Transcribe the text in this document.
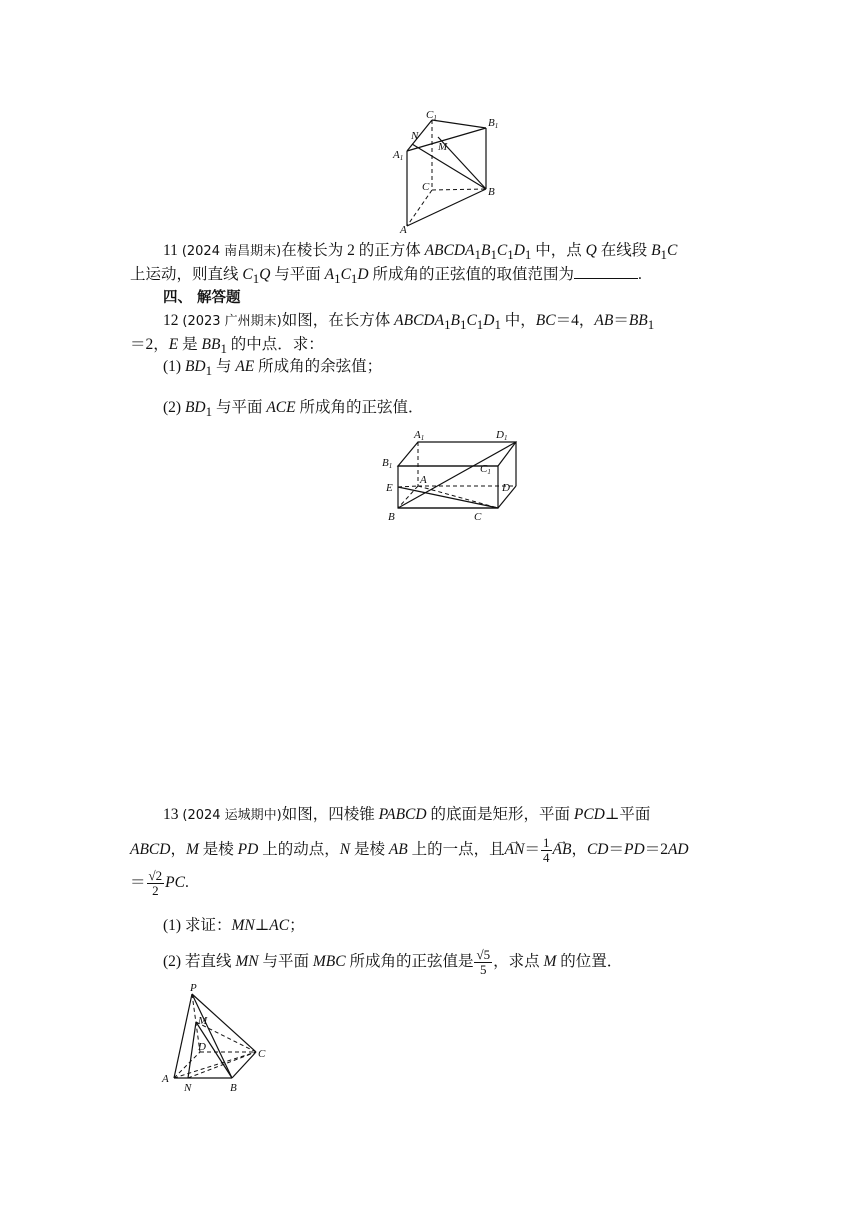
C1	B1
N
A1
M
C	B
A
11 (2024 南昌期末)在棱长为 2 的正方体 $ABCDA_1B_1C_1D_1$ 中，点 Q 在线段 $B_1C$
上运动，则直线 $C_1Q$ 与平面 $A_1C_1D$ 所成角的正弦值的取值范围为	.
四、 解答题
12 (2023 广州期末)如图，在长方体 $ABCDA_1B_1C_1D_1$ 中，BC＝4，$AB=BB_1$
＝2，E 是 $BB_1$ 的中点．求：
(1) $BD_1$ 与 AE 所成角的余弦值；
(2) $BD_1$ 与平面 ACE 所成角的正弦值．
A1	D1
B1	C1
E
A
D
B	C
13 (2024 运城期中)如图，四棱锥 PABCD 的底面是矩形，平面 PCD⊥平面
ABCD，M 是棱 PD 上的动点，N 是棱 AB 上的一点，且→ $AN= \frac{1}{4}$
→ AB，CD＝PD＝2AD
＝ $\frac{√2}{2}$ PC.
(1) 求证：MN⊥AC；
(2) 若直线 MN 与平面 MBC 所成角的正弦值是 $\frac{√5}{5}$ ，求点 M 的位置．
P
M
D
C
A
N	B
